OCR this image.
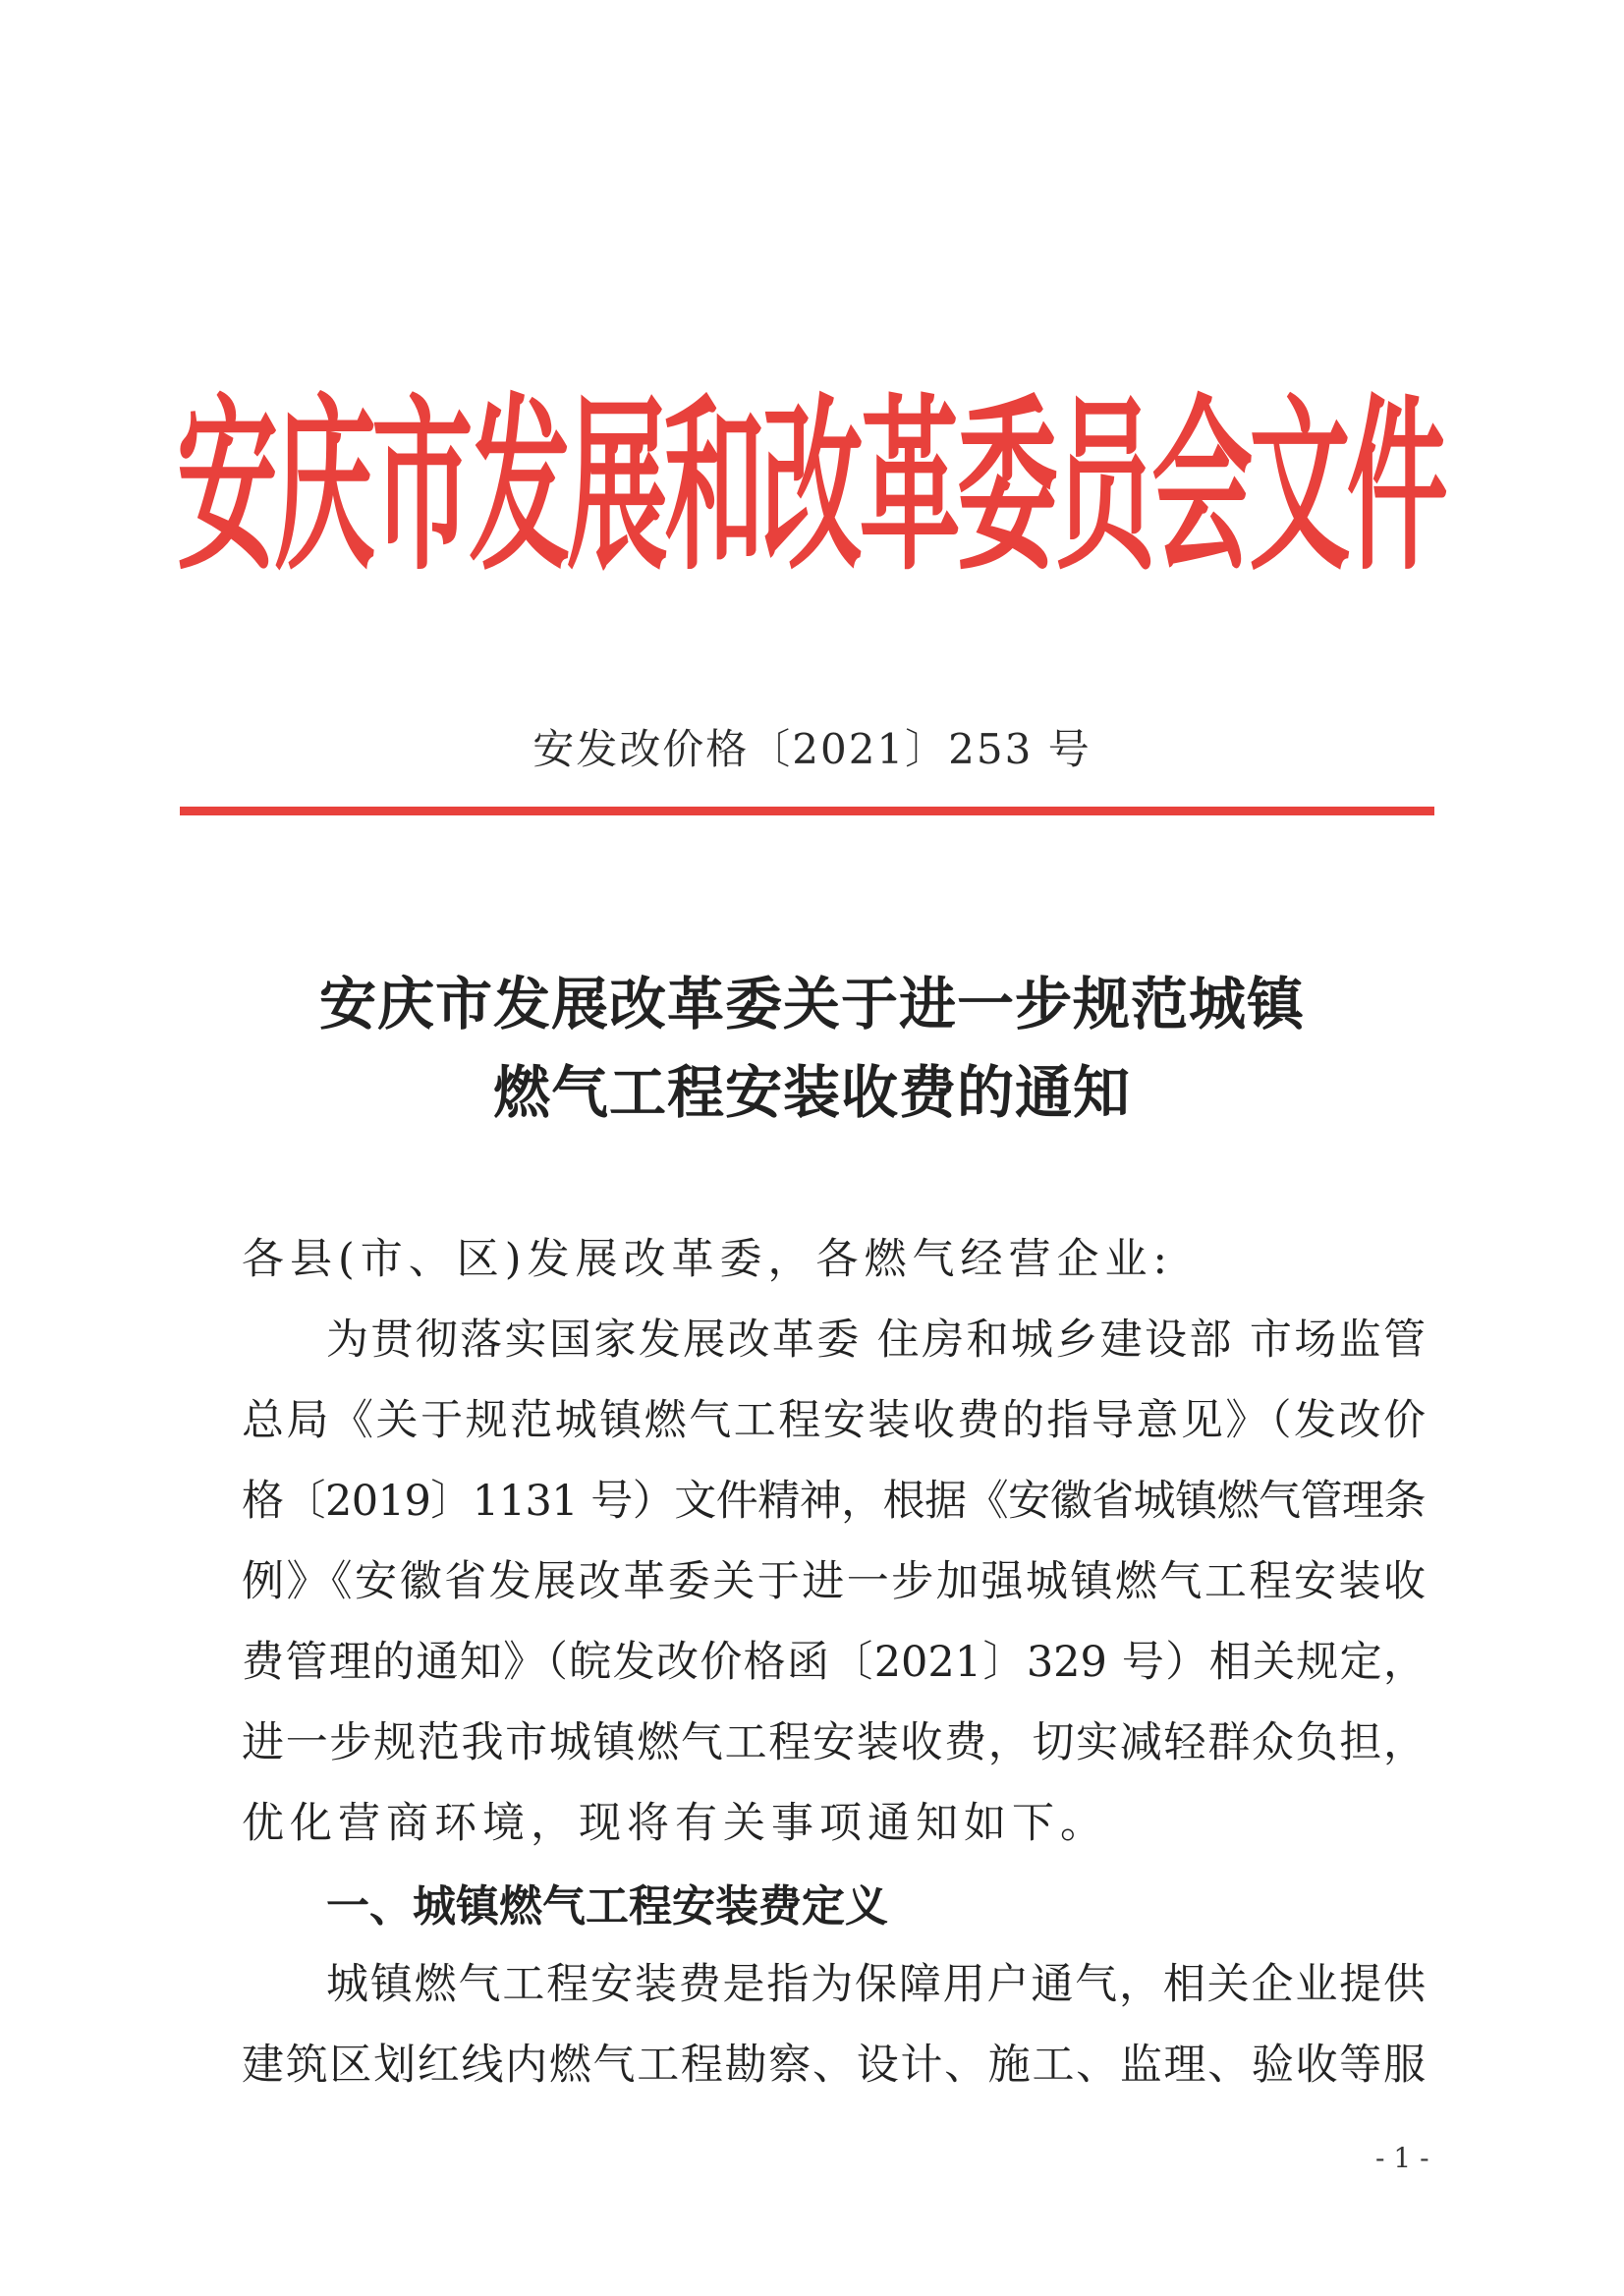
安庆市发展和改革委员会文件
安发改价格〔2021〕253 号
安庆市发展改革委关于进一步规范城镇
燃气工程安装收费的通知
各县(市、区)发展改革委，各燃气经营企业:
为贯彻落实国家发展改革委 住房和城乡建设部 市场监管
总局《关于规范城镇燃气工程安装收费的指导意见》（发改价
格〔2019〕1131 号）文件精神，根据《安徽省城镇燃气管理条
例》《安徽省发展改革委关于进一步加强城镇燃气工程安装收
费管理的通知》（皖发改价格函〔2021〕329 号）相关规定，
进一步规范我市城镇燃气工程安装收费，切实减轻群众负担，
优化营商环境，现将有关事项通知如下。
城镇燃气工程安装费是指为保障用户通气，相关企业提供
建筑区划红线内燃气工程勘察、设计、施工、监理、验收等服
一、城镇燃气工程安装费定义
- 1 -
